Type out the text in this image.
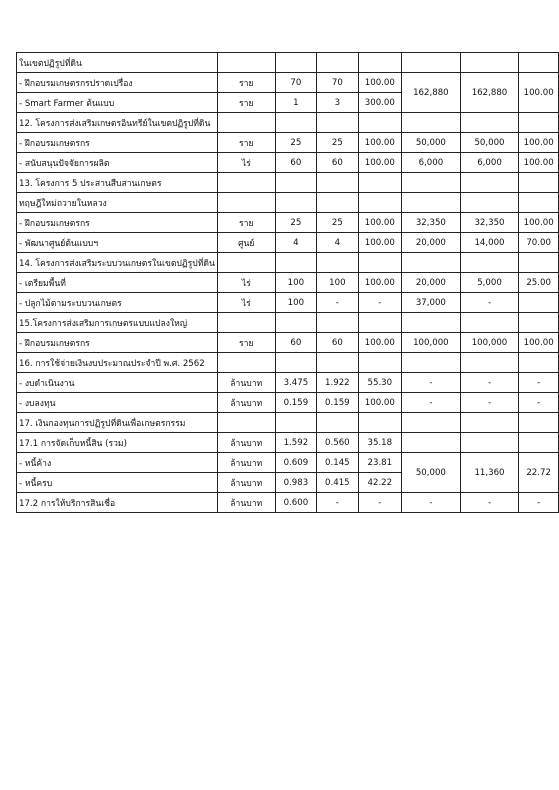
ในเขตปฏิรูปที่ดิน							
- ฝึกอบรมเกษตรกรปราดเปรื่อง	ราย	70	70	100.00	162,880	162,880	100.00
- Smart Farmer ต้นแบบ	ราย	1	3	300.00			
12. โครงการส่งเสริมเกษตรอินทรีย์ในเขตปฏิรูปที่ดิน							
- ฝึกอบรมเกษตรกร	ราย	25	25	100.00	50,000	50,000	100.00
- สนับสนุนปัจจัยการผลิต	ไร่	60	60	100.00	6,000	6,000	100.00
13. โครงการ 5 ประสานสืบสานเกษตร							
ทฤษฎีใหม่ถวายในหลวง							
- ฝึกอบรมเกษตรกร	ราย	25	25	100.00	32,350	32,350	100.00
- พัฒนาศูนย์ต้นแบบฯ	ศูนย์	4	4	100.00	20,000	14,000	70.00
14. โครงการส่งเสริมระบบวนเกษตรในเขตปฏิรูปที่ดิน							
- เตรียมพื้นที่	ไร่	100	100	100.00	20,000	5,000	25.00
- ปลูกไม้ตามระบบวนเกษตร	ไร่	100	-	-	37,000	-	
15.โครงการส่งเสริมการเกษตรแบบแปลงใหญ่							
- ฝึกอบรมเกษตรกร	ราย	60	60	100.00	100,000	100,000	100.00
16. การใช้จ่ายเงินงบประมาณประจำปี พ.ศ. 2562							
- งบดำเนินงาน	ล้านบาท	3.475	1.922	55.30	-	-	-
- งบลงทุน	ล้านบาท	0.159	0.159	100.00	-	-	-
17. เงินกองทุนการปฏิรูปที่ดินเพื่อเกษตรกรรม							
17.1 การจัดเก็บหนี้สิน (รวม)	ล้านบาท	1.592	0.560	35.18			
- หนี้ค้าง	ล้านบาท	0.609	0.145	23.81	50,000	11,360	22.72
- หนี้ครบ	ล้านบาท	0.983	0.415	42.22			
17.2 การให้บริการสินเชื่อ	ล้านบาท	0.600	-	-	-	-	-
